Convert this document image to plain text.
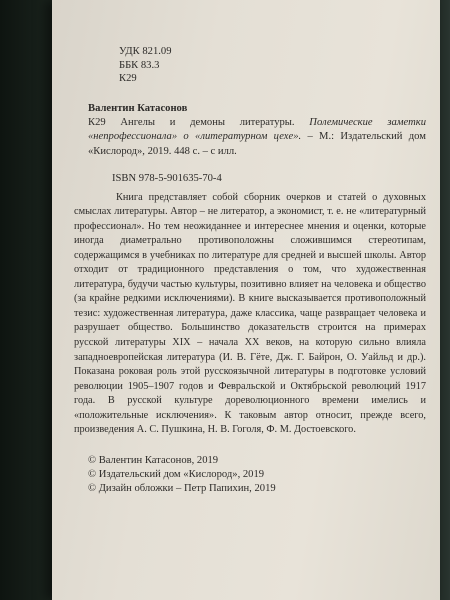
УДК 821.09

ББК 83.3

К29

Валентин Катасонов
К29 Ангелы и демоны литературы. Полемические заметки «непрофессионала» о «литературном цехе». – М.: Издательский дом «Кислород», 2019. 448 с. – с илл.
ISBN 978-5-901635-70-4
Книга представляет собой сборник очерков и статей о духовных смыслах литературы. Автор – не литератор, а экономист, т. е. не «литературный профессионал». Но тем неожиданнее и интереснее мнения и оценки, которые иногда диаметрально противоположны сложившимся стереотипам, содержащимся в учебниках по литературе для средней и высшей школы. Автор отходит от традиционного представления о том, что художественная литература, будучи частью культуры, позитивно влияет на человека и общество (за крайне редкими исключениями). В книге высказывается противоположный тезис: художественная литература, даже классика, чаще развращает человека и разрушает общество. Большинство доказательств строится на примерах русской литературы XIX – начала XX веков, на которую сильно влияла западноевропейская литература (И. В. Гёте, Дж. Г. Байрон, О. Уайльд и др.). Показана роковая роль этой русскоязычной литературы в подготовке условий революции 1905–1907 годов и Февральской и Октябрьской революций 1917 года. В русской культуре дореволюционного времени имелись и «положительные исключения». К таковым автор относит, прежде всего, произведения А. С. Пушкина, Н. В. Гоголя, Ф. М. Достоевского.
© Валентин Катасонов, 2019
© Издательский дом «Кислород», 2019
© Дизайн обложки – Петр Папихин, 2019
